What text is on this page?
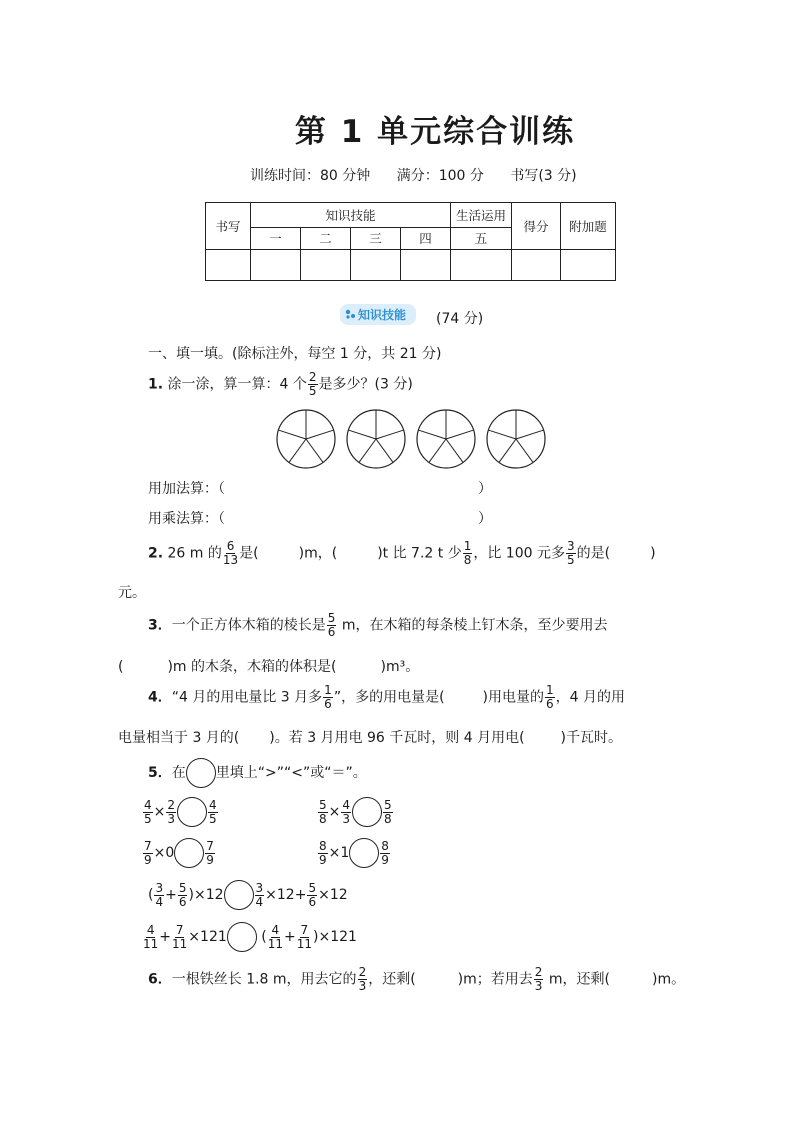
第 1 单元综合训练
训练时间：80 分钟 满分：100 分 书写(3 分)
书写	知识技能				生活运用	得分	附加题
	一	二	三	四	五		

知识技能	(74 分)
一、填一填。(除标注外，每空 1 分，共 21 分)
1. 涂一涂，算一算：4 个 $\frac{2}{5}$ 是多少？(3 分)
用加法算：（	）
用乘法算：（	）
2. 26 m 的 $\frac{6}{13}$ 是(	)m，(	)t 比 7.2 t 少 $\frac{1}{8}$ ，比 100 元多 $\frac{3}{5}$ 的是(	)
元。
3．一个正方体木箱的棱长是 $\frac{5}{6}$ m，在木箱的每条棱上钉木条，至少要用去
(	)m 的木条，木箱的体积是(	)m³。
4．“4 月的用电量比 3 月多 $\frac{1}{6}$ ”，多的用电量是(	)用电量的 $\frac{1}{6}$ ，4 月的用
电量相当于 3 月的( )。若 3 月用电 96 千瓦时，则 4 月用电(	)千瓦时。
5．在 里填上“>”“<”或“＝”。
$\frac{4}{5} \times \frac{2}{3}$	$\frac{4}{5}$	$\frac{5}{8} \times \frac{4}{3}$	$\frac{5}{8}$
$\frac{7}{9} \times 0$	$\frac{7}{9}$	$\frac{8}{9} \times 1$	$\frac{8}{9}$
( $\frac{3}{4} + \frac{5}{6} )\times 12$	$\frac{3}{4} \times 12+ \frac{5}{6} \times 12$
$\frac{4}{11} + \frac{7}{11} \times 121$ ( $\frac{4}{11} + \frac{7}{11} )\times 121$
6．一根铁丝长 1.8 m，用去它的 $\frac{2}{3}$ ，还剩(	)m；若用去 $\frac{2}{3}$ m，还剩(	)m。
